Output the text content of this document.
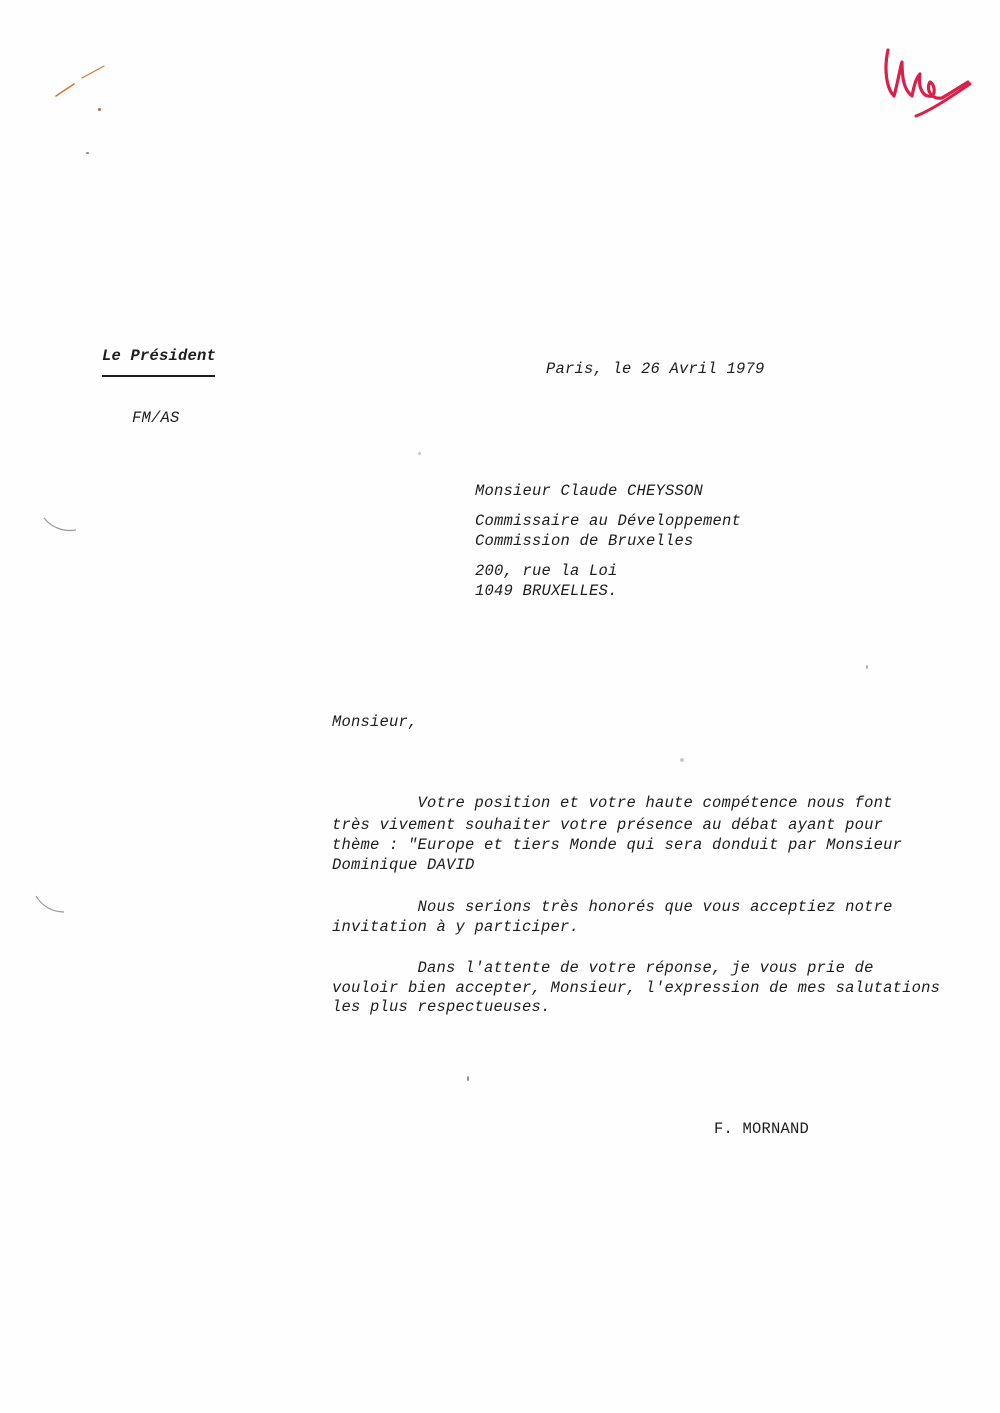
Le Président
FM/AS
Paris, le 26 Avril 1979
Monsieur Claude CHEYSSON
Commissaire au Développement
Commission de Bruxelles
200, rue la Loi
1049 BRUXELLES.
Monsieur,
Votre position et votre haute compétence nous font
très vivement souhaiter votre présence au débat ayant pour
thème : "Europe et tiers Monde qui sera donduit par Monsieur
Dominique DAVID
Nous serions très honorés que vous acceptiez notre
invitation à y participer.
Dans l'attente de votre réponse, je vous prie de
vouloir bien accepter, Monsieur, l'expression de mes salutations
les plus respectueuses.
F. MORNAND
